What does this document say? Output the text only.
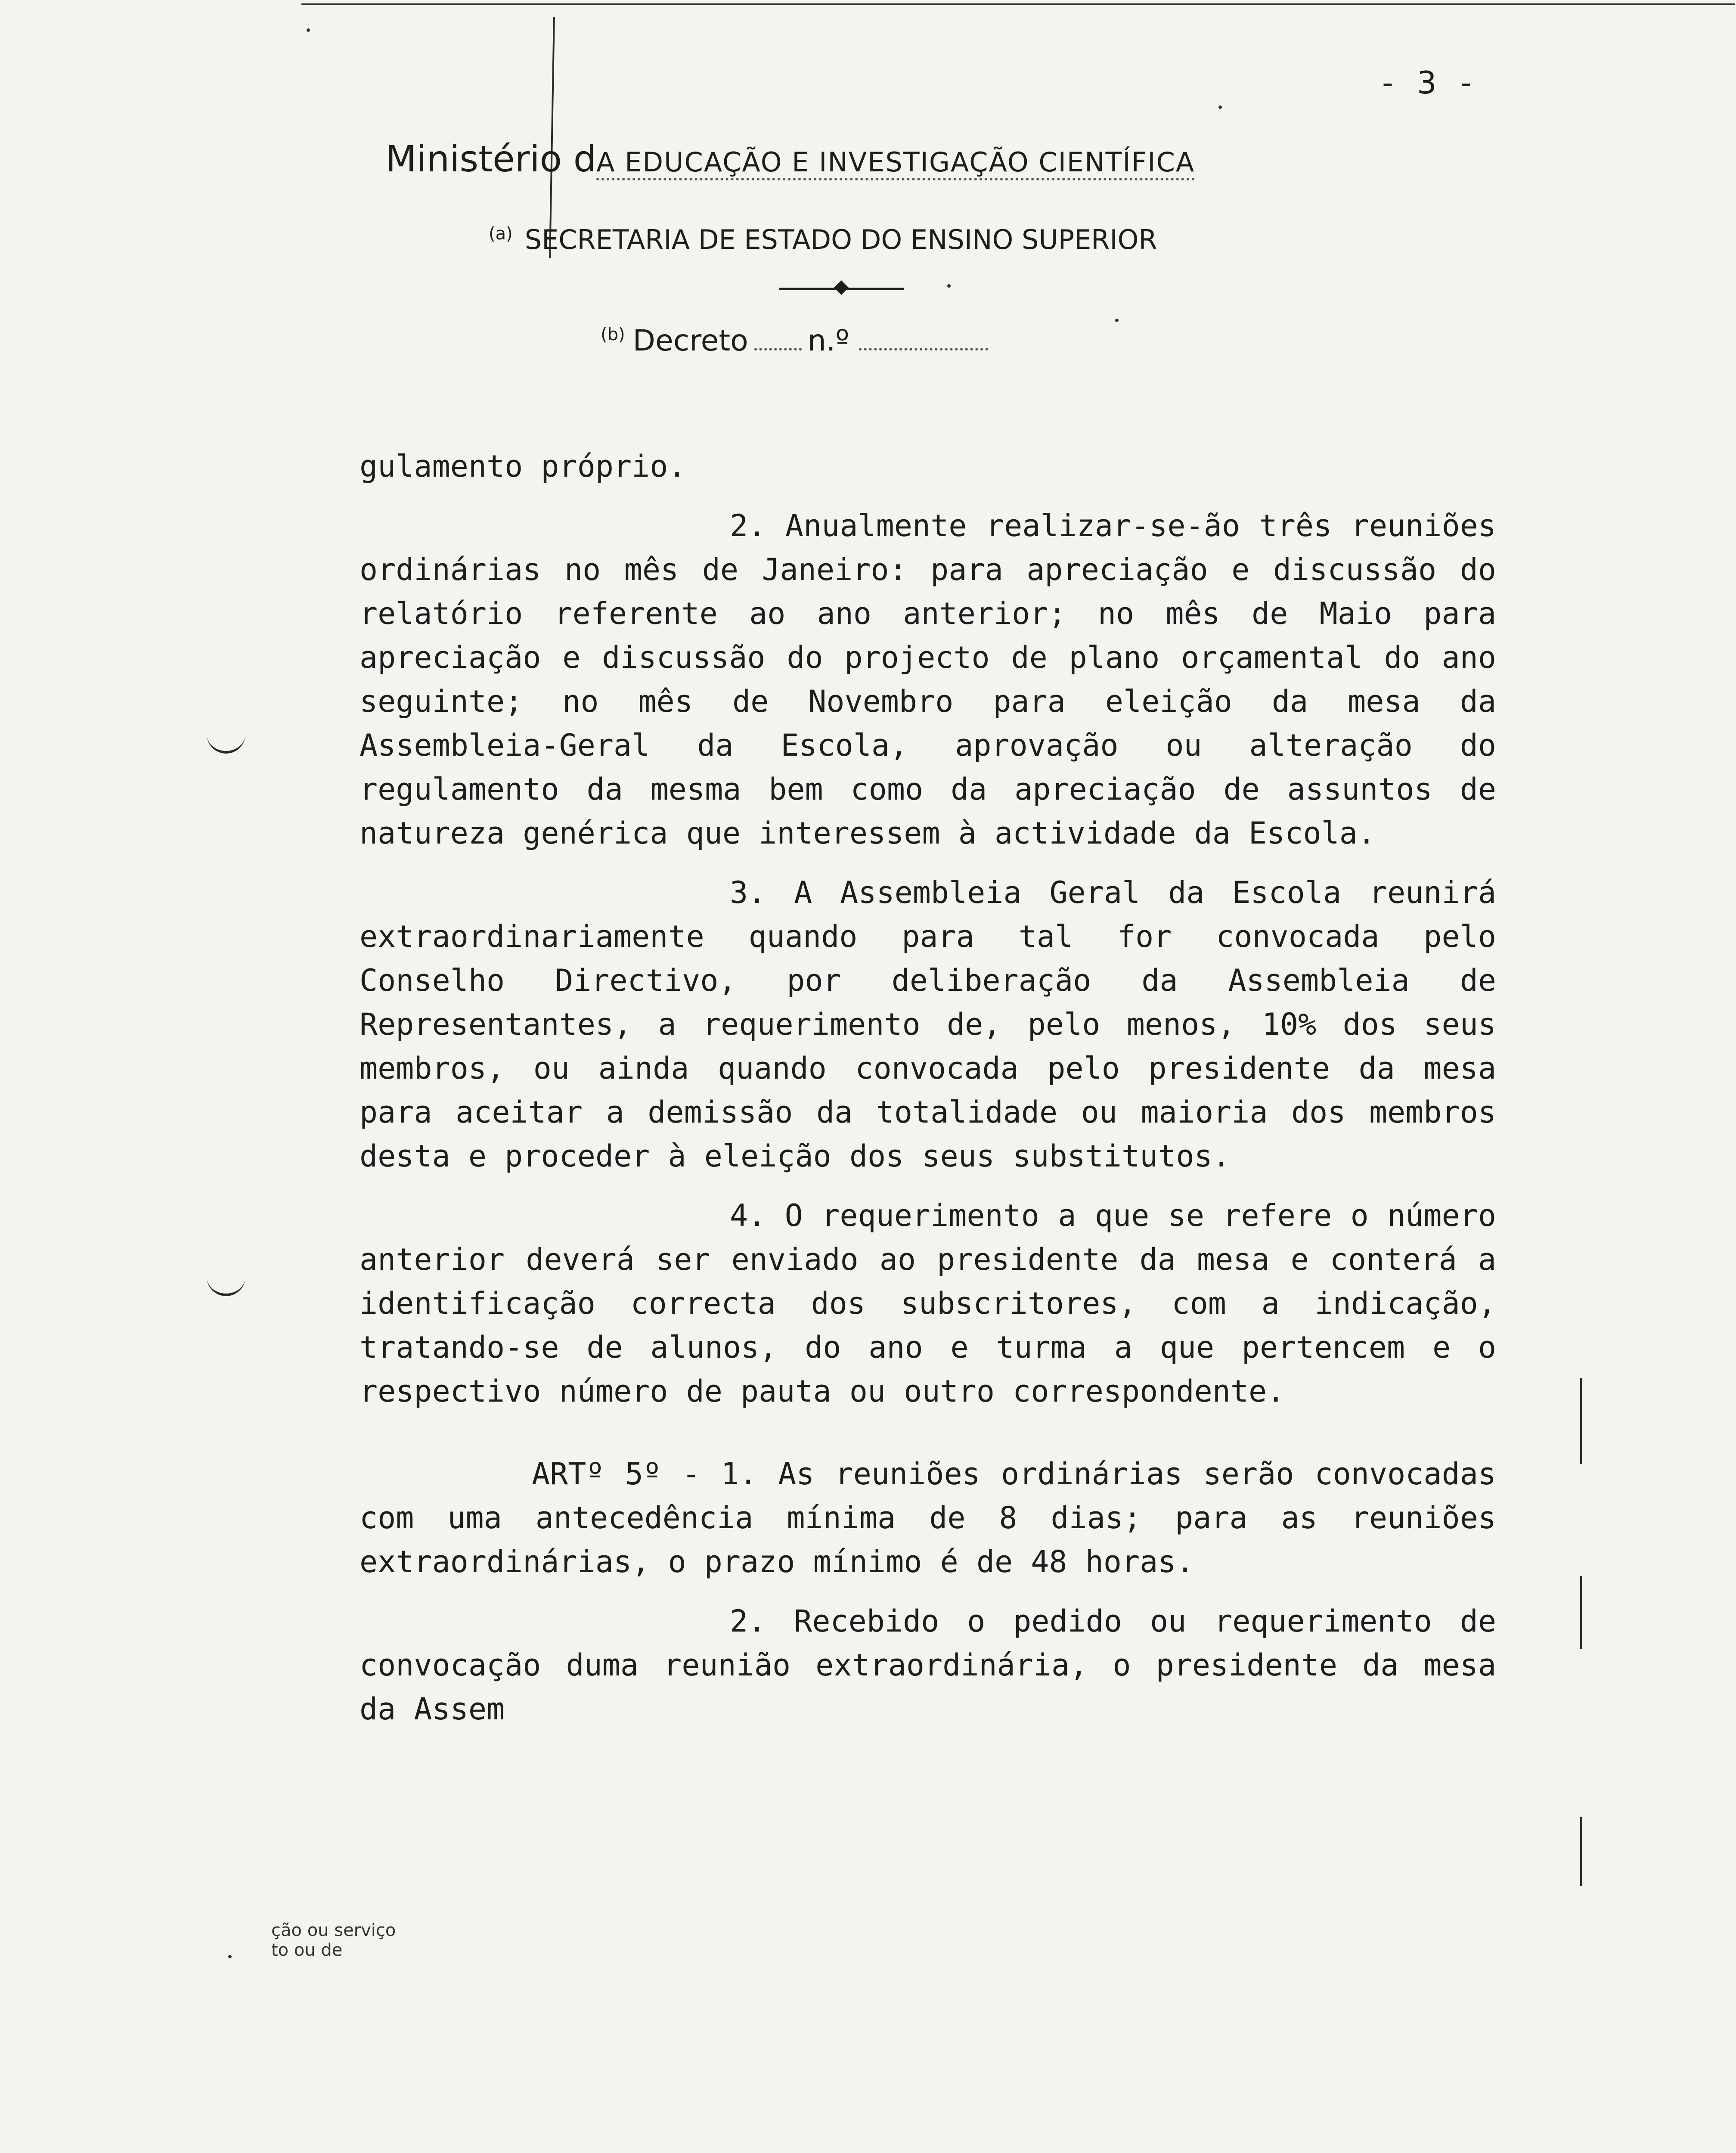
- 3 -
Ministério dA EDUCAÇÃO E INVESTIGAÇÃO CIENTÍFICA
$^{(a)}$ SECRETARIA DE ESTADO DO ENSINO SUPERIOR
$^{(b)}$ Decreto n.º

gulamento próprio.

2. Anualmente realizar-se-ão três reuniões ordinárias no mês de Janeiro: para apreciação e discussão do relatório referente ao ano anterior; no mês de Maio para apreciação e discussão do projecto de plano orçamental do ano seguinte; no mês de Novembro para eleição da mesa da Assembleia-Geral da Escola, aprovação ou alteração do regulamento da mesma bem como da apreciação de assuntos de natureza genérica que interessem à actividade da Escola.

3. A Assembleia Geral da Escola reunirá extraordinariamente quando para tal for convocada pelo Conselho Directivo, por deliberação da Assembleia de Representantes, a requerimento de, pelo menos, 10% dos seus membros, ou ainda quando convocada pelo presidente da mesa para aceitar a demissão da totalidade ou maioria dos membros desta e proceder à eleição dos seus substitutos.

4. O requerimento a que se refere o número anterior deverá ser enviado ao presidente da mesa e conterá a identificação correcta dos subscritores, com a indicação, tratando-se de alunos, do ano e turma a que pertencem e o respectivo número de pauta ou outro correspondente.

ARTº 5º - 1. As reuniões ordinárias serão convocadas com uma antecedência mínima de 8 dias; para as reuniões extraordinárias, o prazo mínimo é de 48 horas.

2. Recebido o pedido ou requerimento de convocação duma reunião extraordinária, o presidente da mesa da Assem

ção ou serviço
to ou de
